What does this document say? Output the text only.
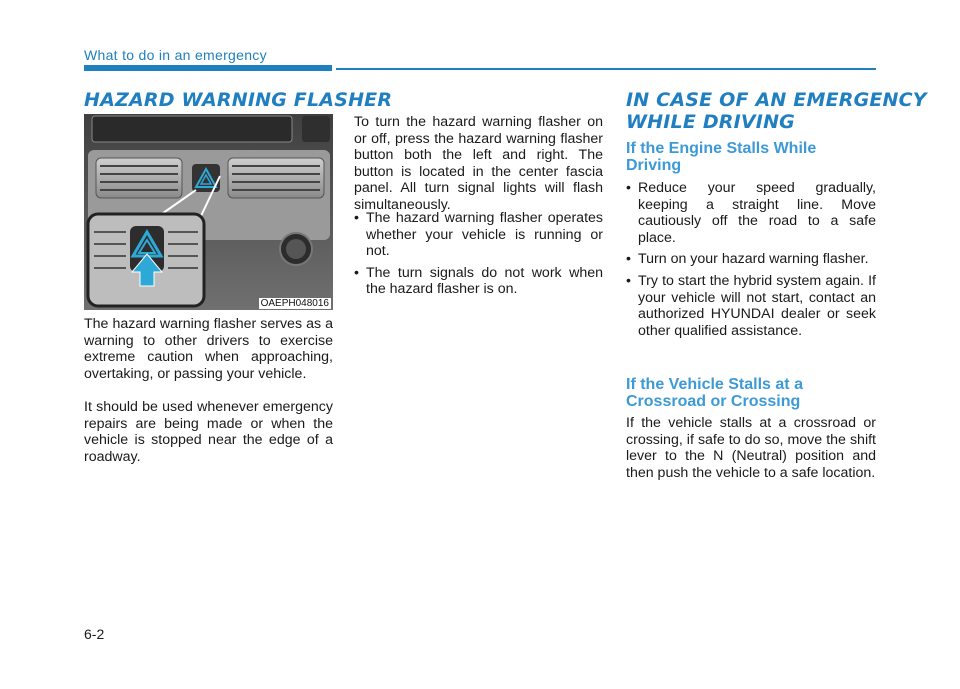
What to do in an emergency
HAZARD WARNING FLASHER
OAEPH048016

The hazard warning flasher serves as a warning to other drivers to exercise extreme caution when approaching, overtaking, or passing your vehicle.

It should be used whenever emergency repairs are being made or when the vehicle is stopped near the edge of a roadway.

To turn the hazard warning flasher on or off, press the hazard warning flasher button both the left and right. The button is located in the center fascia panel. All turn signal lights will flash simultaneously.

• The hazard warning flasher operates whether your vehicle is running or not.
• The turn signals do not work when the hazard flasher is on.
IN CASE OF AN EMERGENCY
WHILE DRIVING
If the Engine Stalls While
Driving
• Reduce your speed gradually, keeping a straight line. Move cautiously off the road to a safe place.
• Turn on your hazard warning flasher.
• Try to start the hybrid system again. If your vehicle will not start, contact an authorized HYUNDAI dealer or seek other qualified assistance.
If the Vehicle Stalls at a
Crossroad or Crossing

If the vehicle stalls at a crossroad or crossing, if safe to do so, move the shift lever to the N (Neutral) position and then push the vehicle to a safe location.

6-2
